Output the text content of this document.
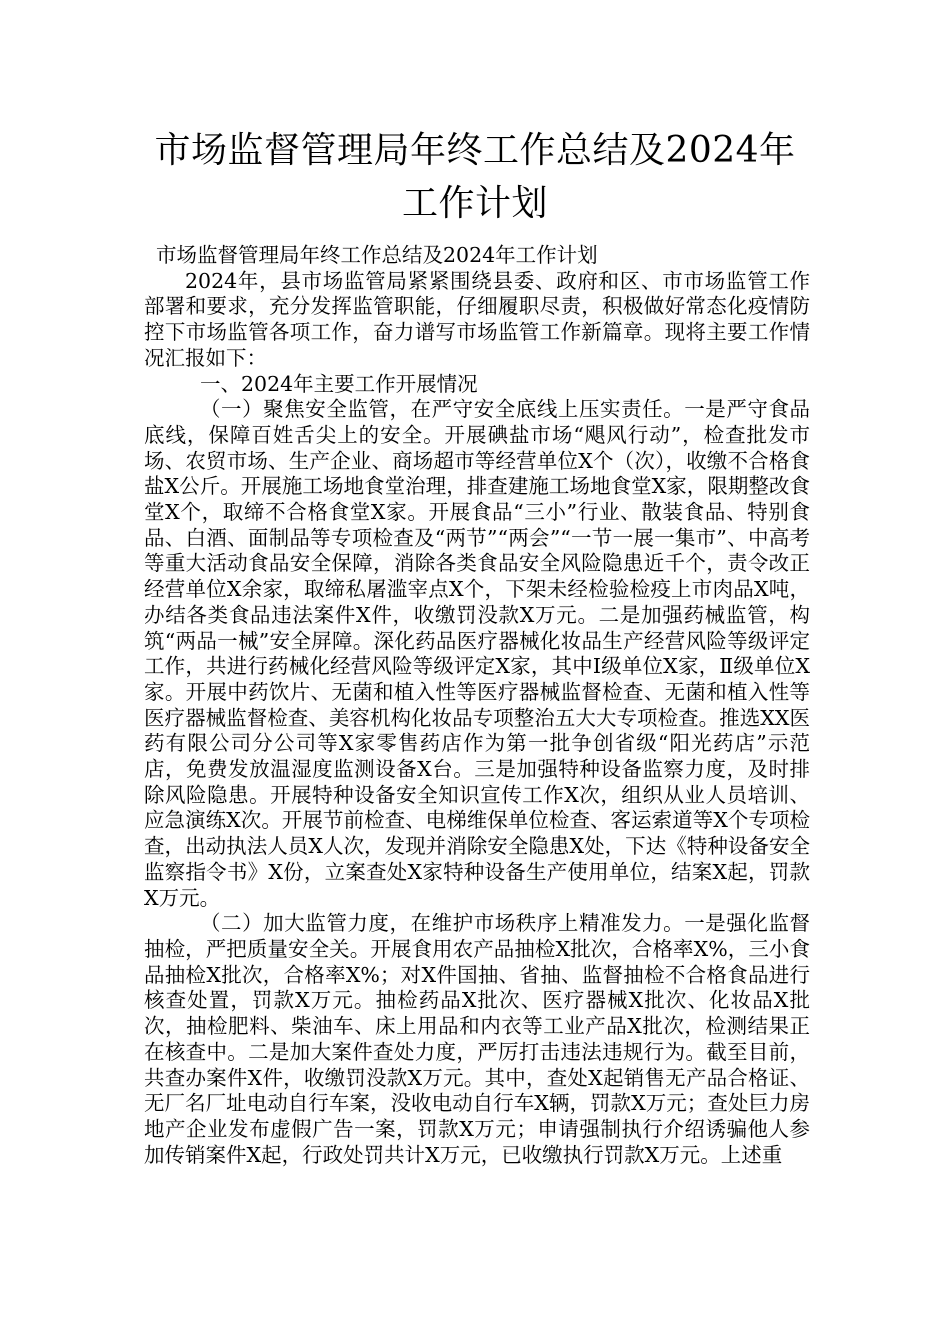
市场监督管理局年终工作总结及2024年工作计划

市场监督管理局年终工作总结及2024年工作计划

2024年，县市场监管局紧紧围绕县委、政府和区、市市场监管工作部署和要求，充分发挥监管职能，仔细履职尽责，积极做好常态化疫情防控下市场监管各项工作，奋力谱写市场监管工作新篇章。现将主要工作情况汇报如下：

一、2024年主要工作开展情况

（一）聚焦安全监管，在严守安全底线上压实责任。一是严守食品底线，保障百姓舌尖上的安全。开展碘盐市场“飓风行动”，检查批发市场、农贸市场、生产企业、商场超市等经营单位X个（次），收缴不合格食盐X公斤。开展施工场地食堂治理，排查建施工场地食堂X家，限期整改食堂X个，取缔不合格食堂X家。开展食品“三小”行业、散装食品、特别食品、白酒、面制品等专项检查及“两节”“两会”“一节一展一集市”、中高考等重大活动食品安全保障，消除各类食品安全风险隐患近千个，责令改正经营单位X余家，取缔私屠滥宰点X个，下架未经检验检疫上市肉品X吨，办结各类食品违法案件X件，收缴罚没款X万元。二是加强药械监管，构筑“两品一械”安全屏障。深化药品医疗器械化妆品生产经营风险等级评定工作，共进行药械化经营风险等级评定X家，其中Ⅰ级单位X家，Ⅱ级单位X家。开展中药饮片、无菌和植入性等医疗器械监督检查、无菌和植入性等医疗器械监督检查、美容机构化妆品专项整治五大大专项检查。推选XX医药有限公司分公司等X家零售药店作为第一批争创省级“阳光药店”示范店，免费发放温湿度监测设备X台。三是加强特种设备监察力度，及时排除风险隐患。开展特种设备安全知识宣传工作X次，组织从业人员培训、应急演练X次。开展节前检查、电梯维保单位检查、客运索道等X个专项检查，出动执法人员X人次，发现并消除安全隐患X处，下达《特种设备安全监察指令书》X份，立案查处X家特种设备生产使用单位，结案X起，罚款X万元。

（二）加大监管力度，在维护市场秩序上精准发力。一是强化监督抽检，严把质量安全关。开展食用农产品抽检X批次，合格率X%，三小食品抽检X批次，合格率X%；对X件国抽、省抽、监督抽检不合格食品进行核查处置，罚款X万元。抽检药品X批次、医疗器械X批次、化妆品X批次，抽检肥料、柴油车、床上用品和内衣等工业产品X批次，检测结果正在核查中。二是加大案件查处力度，严厉打击违法违规行为。截至目前，共查办案件X件，收缴罚没款X万元。其中，查处X起销售无产品合格证、无厂名厂址电动自行车案，没收电动自行车X辆，罚款X万元；查处巨力房地产企业发布虚假广告一案，罚款X万元；申请强制执行介绍诱骗他人参加传销案件X起，行政处罚共计X万元，已收缴执行罚款X万元。上述重
